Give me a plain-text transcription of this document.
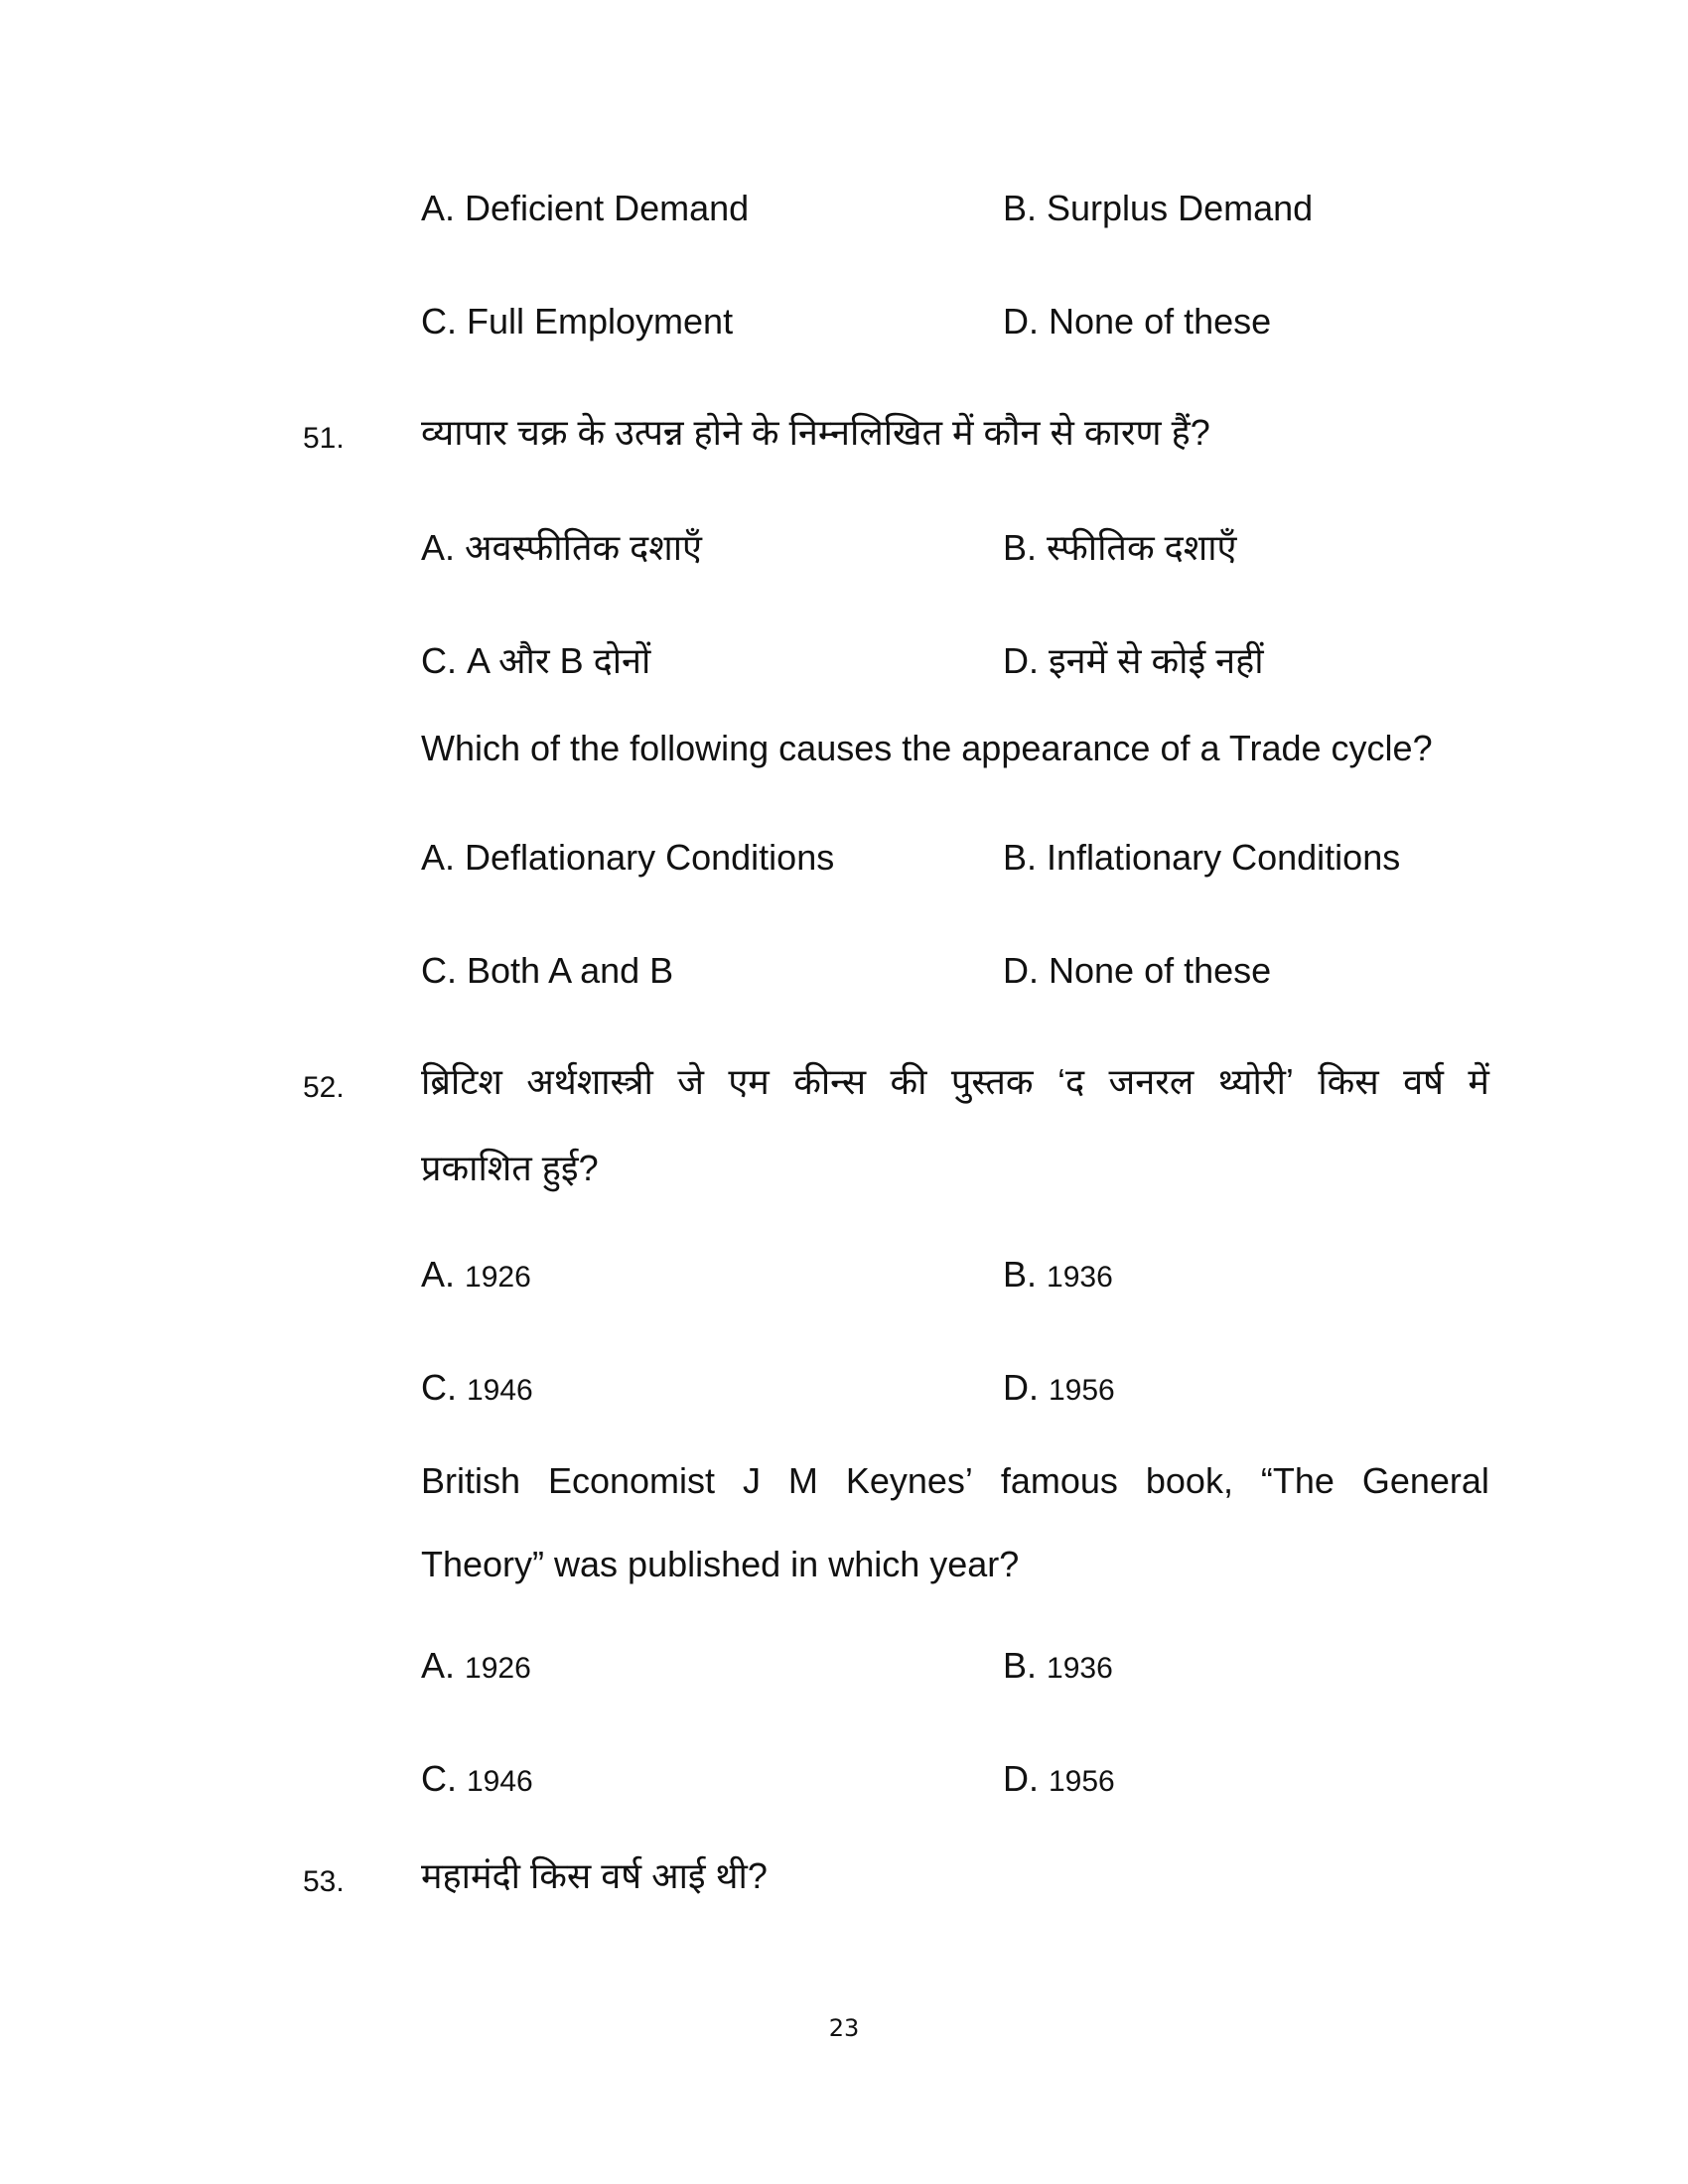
A. Deficient Demand	B. Surplus Demand
C. Full Employment	D. None of these
51. व्यापार चक्र के उत्पन्न होने के निम्नलिखित में कौन से कारण हैं?
A. अवस्फीतिक दशाएँ	B. स्फीतिक दशाएँ
C. A और B दोनों	D. इनमें से कोई नहीं
Which of the following causes the appearance of a Trade cycle?
A. Deflationary Conditions	B. Inflationary Conditions
C. Both A and B	D. None of these
52. ब्रिटिश अर्थशास्त्री जे एम कीन्स की पुस्तक ‘द जनरल थ्योरी’ किस वर्ष में
प्रकाशित हुई?
A. 1926	B. 1936
C. 1946	D. 1956
British Economist J M Keynes’ famous book, “The General
Theory” was published in which year?
A. 1926	B. 1936
C. 1946	D. 1956
53. महामंदी किस वर्ष आई थी?
23
